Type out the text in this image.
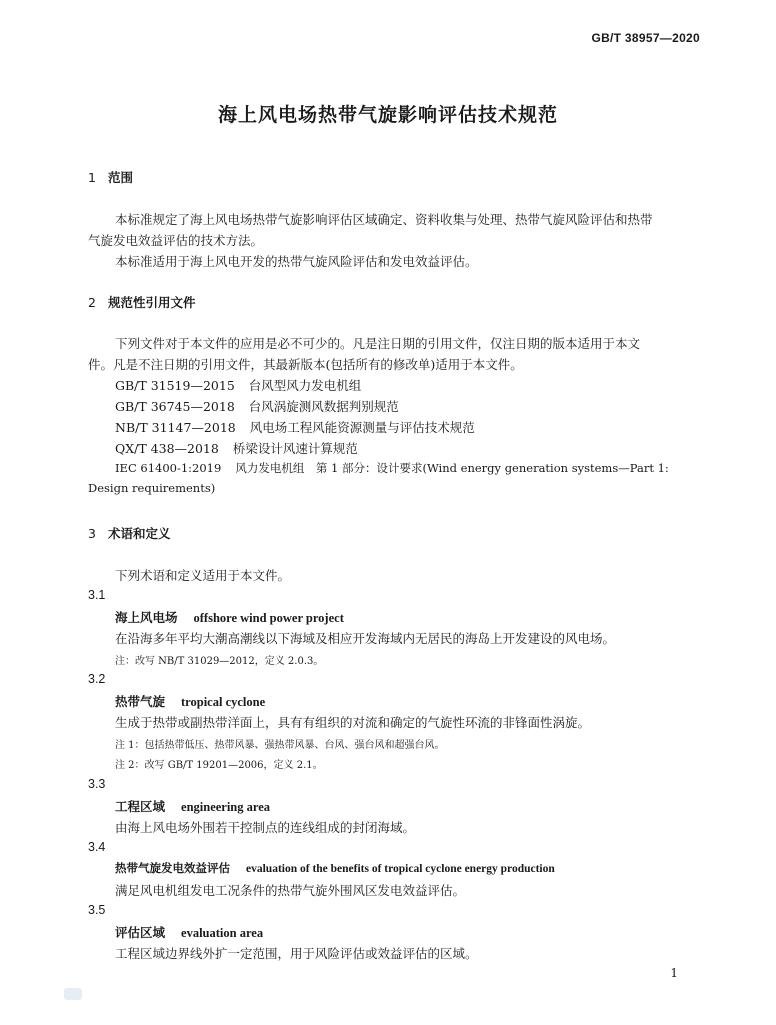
GB/T 38957—2020
海上风电场热带气旋影响评估技术规范
1 范围
本标准规定了海上风电场热带气旋影响评估区域确定、资料收集与处理、热带气旋风险评估和热带
气旋发电效益评估的技术方法。
本标准适用于海上风电开发的热带气旋风险评估和发电效益评估。
2 规范性引用文件
下列文件对于本文件的应用是必不可少的。凡是注日期的引用文件，仅注日期的版本适用于本文
件。凡是不注日期的引用文件，其最新版本(包括所有的修改单)适用于本文件。
GB/T 31519—2015 台风型风力发电机组
GB/T 36745—2018 台风涡旋测风数据判别规范
NB/T 31147—2018 风电场工程风能资源测量与评估技术规范
QX/T 438—2018 桥梁设计风速计算规范
IEC 61400-1:2019 风力发电机组　第 1 部分：设计要求(Wind energy generation systems—Part 1:
Design requirements)
3 术语和定义
下列术语和定义适用于本文件。
3.1
海上风电场 offshore wind power project
在沿海多年平均大潮高潮线以下海域及相应开发海域内无居民的海岛上开发建设的风电场。
注：改写 NB/T 31029—2012，定义 2.0.3。
3.2
热带气旋 tropical cyclone
生成于热带或副热带洋面上，具有有组织的对流和确定的气旋性环流的非锋面性涡旋。
注 1：包括热带低压、热带风暴、强热带风暴、台风、强台风和超强台风。
注 2：改写 GB/T 19201—2006，定义 2.1。
3.3
工程区域 engineering area
由海上风电场外围若干控制点的连线组成的封闭海域。
3.4
热带气旋发电效益评估 evaluation of the benefits of tropical cyclone energy production
满足风电机组发电工况条件的热带气旋外围风区发电效益评估。
3.5
评估区域 evaluation area
工程区域边界线外扩一定范围，用于风险评估或效益评估的区域。
1
